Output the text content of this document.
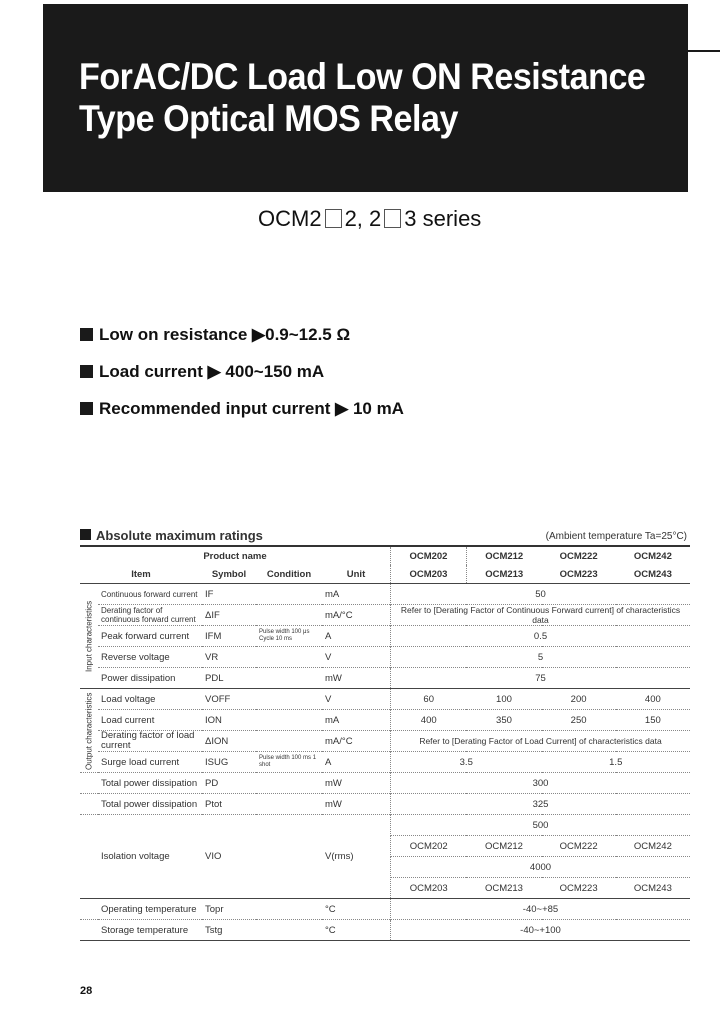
ForAC/DC Load Low ON Resistance
Type Optical MOS Relay
OCM2 2, 2 3 series
Low on resistance ▶0.9~12.5 Ω
Load current ▶ 400~150 mA
Recommended input current ▶ 10 mA
Absolute maximum ratings	(Ambient temperature Ta=25°C)
Product name					OCM202	OCM212	OCM222	OCM242
Item		Symbol	Condition	Unit	OCM203	OCM213	OCM223	OCM243
Input characteristics	Continuous forward current	IF		mA	50			
	Derating factor of continuous forward current	ΔIF		mA/°C	Refer to [Derating Factor of Continuous Forward current] of characteristics data			
	Peak forward current	IFM	Pulse width 100 μs Cycle 10 ms	A	0.5			
	Reverse voltage	VR		V	5			
	Power dissipation	PDL		mW	75			
Output characteristics	Load voltage	VOFF		V	60	100	200	400
	Load current	ION		mA	400	350	250	150
	Derating factor of load current	ΔION		mA/°C	Refer to [Derating Factor of Load Current] of characteristics data			
	Surge load current	ISUG	Pulse width 100 ms 1 shot	A	3.5		1.5	
	Total power dissipation	PD		mW	300			
	Total power dissipation	Ptot		mW	325			
	Isolation voltage	VIO		V(rms)	500			
					OCM202	OCM212	OCM222	OCM242
					4000			
					OCM203	OCM213	OCM223	OCM243
	Operating temperature	Topr		°C	-40~+85			
	Storage temperature	Tstg		°C	-40~+100			
28
